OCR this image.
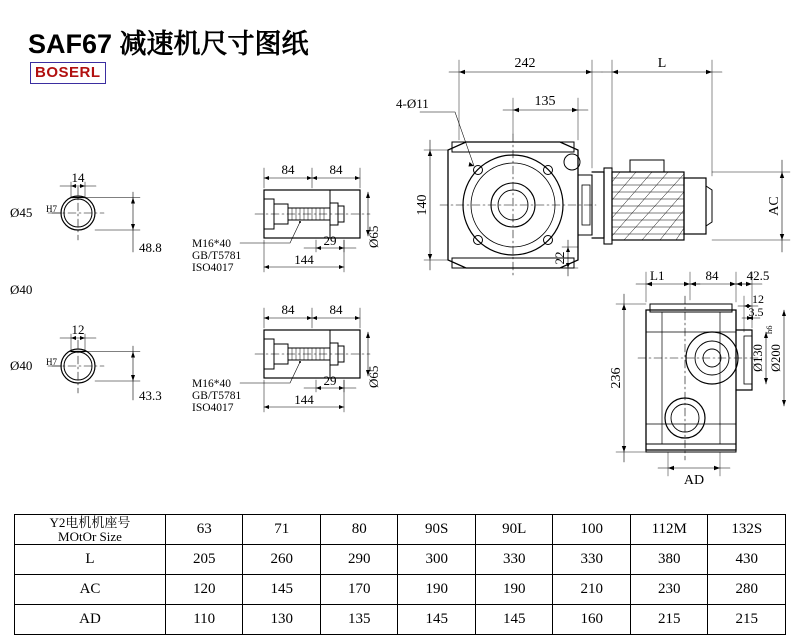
SAF67 减速机尺寸图纸
BOSERL
14
Ø45 H7
48.8
Ø40
12
Ø40 H7
43.3
84	84
29
144
Ø65
M16*40
GB/T5781
ISO4017
84	84
29
144
Ø65
M16*40
GB/T5781
ISO4017
242	L
135
4-Ø11
140
22
AC
L1	84 42.5
12
3.5
236
Ø130
h6
Ø200
AD
Y2电机机座号
MOtOr Size	63	71	80	90S	90L	100	112M	132S
L	205	260	290	300	330	330	380	430
AC	120	145	170	190	190	210	230	280
AD	110	130	135	145	145	160	215	215
